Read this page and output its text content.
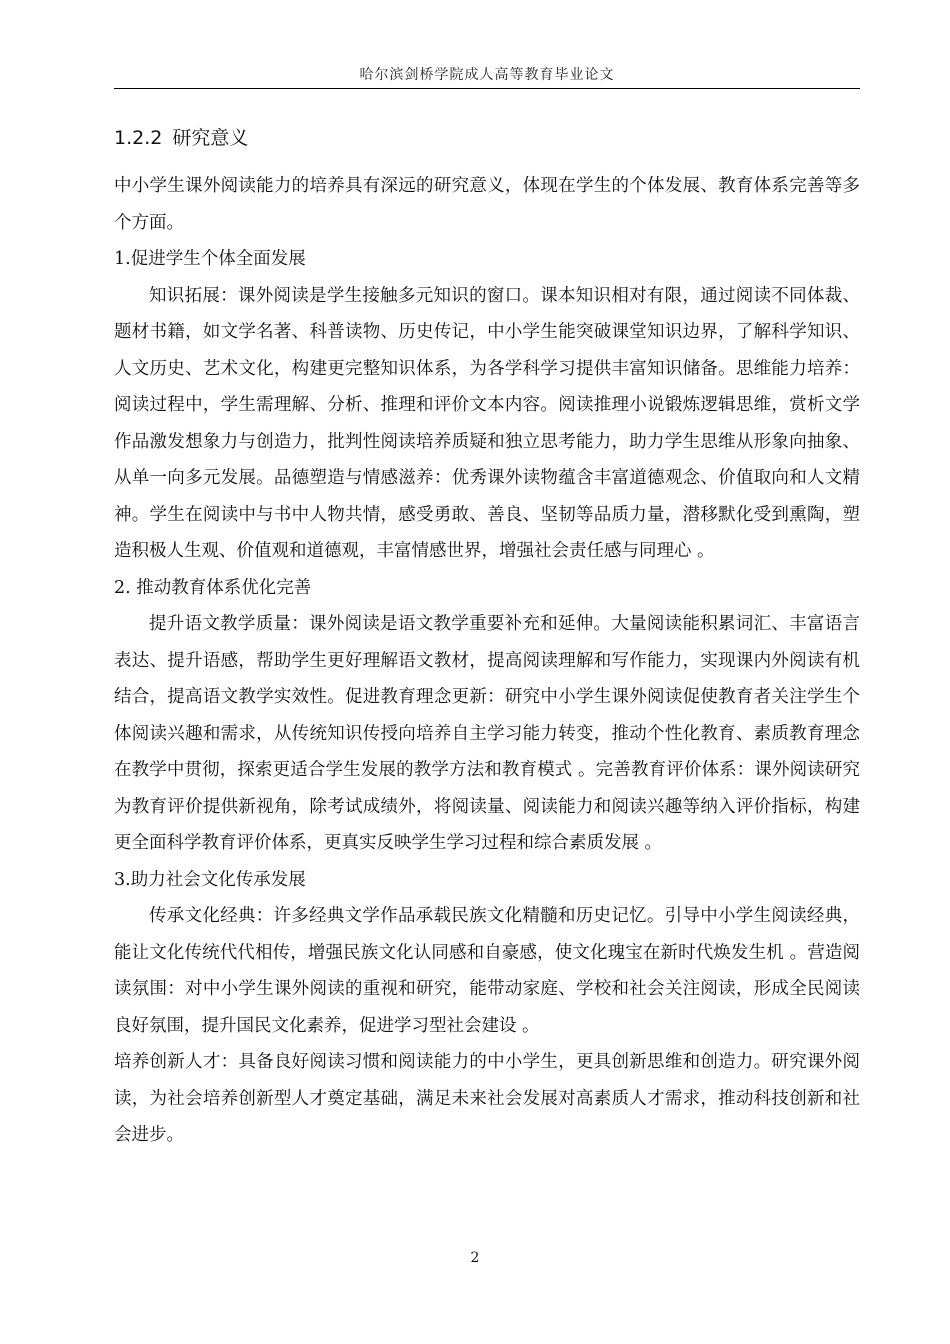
哈尔滨剑桥学院成人高等教育毕业论文
1.2.2 研究意义

中小学生课外阅读能力的培养具有深远的研究意义，体现在学生的个体发展、教育体系完善等多个方面。

1.促进学生个体全面发展

知识拓展：课外阅读是学生接触多元知识的窗口。课本知识相对有限，通过阅读不同体裁、题材书籍，如文学名著、科普读物、历史传记，中小学生能突破课堂知识边界，了解科学知识、人文历史、艺术文化，构建更完整知识体系，为各学科学习提供丰富知识储备。思维能力培养：阅读过程中，学生需理解、分析、推理和评价文本内容。阅读推理小说锻炼逻辑思维，赏析文学作品激发想象力与创造力，批判性阅读培养质疑和独立思考能力，助力学生思维从形象向抽象、从单一向多元发展。品德塑造与情感滋养：优秀课外读物蕴含丰富道德观念、价值取向和人文精神。学生在阅读中与书中人物共情，感受勇敢、善良、坚韧等品质力量，潜移默化受到熏陶，塑造积极人生观、价值观和道德观，丰富情感世界，增强社会责任感与同理心 。

2. 推动教育体系优化完善

提升语文教学质量：课外阅读是语文教学重要补充和延伸。大量阅读能积累词汇、丰富语言表达、提升语感，帮助学生更好理解语文教材，提高阅读理解和写作能力，实现课内外阅读有机结合，提高语文教学实效性。促进教育理念更新：研究中小学生课外阅读促使教育者关注学生个体阅读兴趣和需求，从传统知识传授向培养自主学习能力转变，推动个性化教育、素质教育理念在教学中贯彻，探索更适合学生发展的教学方法和教育模式 。完善教育评价体系：课外阅读研究为教育评价提供新视角，除考试成绩外，将阅读量、阅读能力和阅读兴趣等纳入评价指标，构建更全面科学教育评价体系，更真实反映学生学习过程和综合素质发展 。

3.助力社会文化传承发展

传承文化经典：许多经典文学作品承载民族文化精髓和历史记忆。引导中小学生阅读经典，能让文化传统代代相传，增强民族文化认同感和自豪感，使文化瑰宝在新时代焕发生机 。营造阅读氛围：对中小学生课外阅读的重视和研究，能带动家庭、学校和社会关注阅读，形成全民阅读良好氛围，提升国民文化素养，促进学习型社会建设 。

培养创新人才：具备良好阅读习惯和阅读能力的中小学生，更具创新思维和创造力。研究课外阅读，为社会培养创新型人才奠定基础，满足未来社会发展对高素质人才需求，推动科技创新和社会进步。

2
